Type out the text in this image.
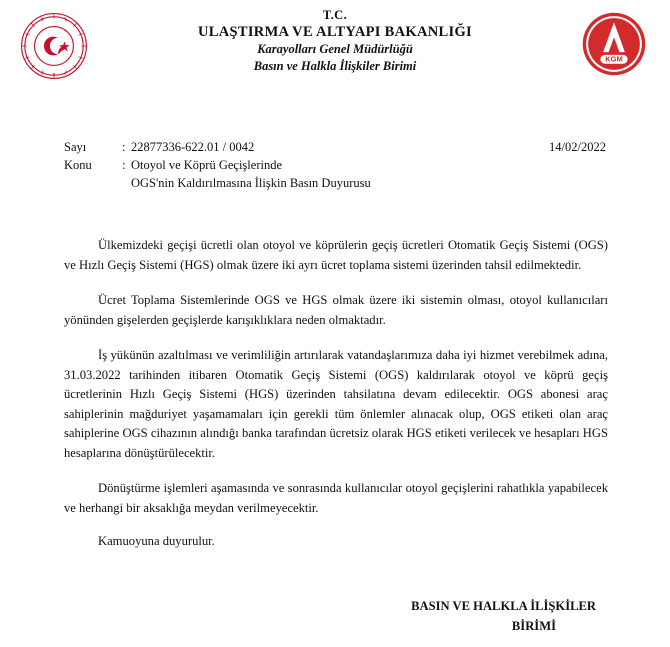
★
KGM
T.C.
ULAŞTIRMA VE ALTYAPI BAKANLIĞI
Karayolları Genel Müdürlüğü
Basın ve Halkla İlişkiler Birimi
Sayı	: 22877336-622.01 / 0042	14/02/2022
Konu	: Otoyol ve Köprü Geçişlerinde
OGS'nin Kaldırılmasına İlişkin Basın Duyurusu

Ülkemizdeki geçişi ücretli olan otoyol ve köprülerin geçiş ücretleri Otomatik Geçiş Sistemi (OGS) ve Hızlı Geçiş Sistemi (HGS) olmak üzere iki ayrı ücret toplama sistemi üzerinden tahsil edilmektedir.

Ücret Toplama Sistemlerinde OGS ve HGS olmak üzere iki sistemin olması, otoyol kullanıcıları yönünden gişelerden geçişlerde karışıklıklara neden olmaktadır.

İş yükünün azaltılması ve verimliliğin artırılarak vatandaşlarımıza daha iyi hizmet verebilmek adına, 31.03.2022 tarihinden itibaren Otomatik Geçiş Sistemi (OGS) kaldırılarak otoyol ve köprü geçiş ücretlerinin Hızlı Geçiş Sistemi (HGS) üzerinden tahsilatına devam edilecektir. OGS abonesi araç sahiplerinin mağduriyet yaşamamaları için gerekli tüm önlemler alınacak olup, OGS etiketi olan araç sahiplerine OGS cihazının alındığı banka tarafından ücretsiz olarak HGS etiketi verilecek ve hesapları HGS hesaplarına dönüştürülecektir.

Dönüştürme işlemleri aşamasında ve sonrasında kullanıcılar otoyol geçişlerini rahatlıkla yapabilecek ve herhangi bir aksaklığa meydan verilmeyecektir.

Kamuoyuna duyurulur.
BASIN VE HALKLA İLİŞKİLER
BİRİMİ
